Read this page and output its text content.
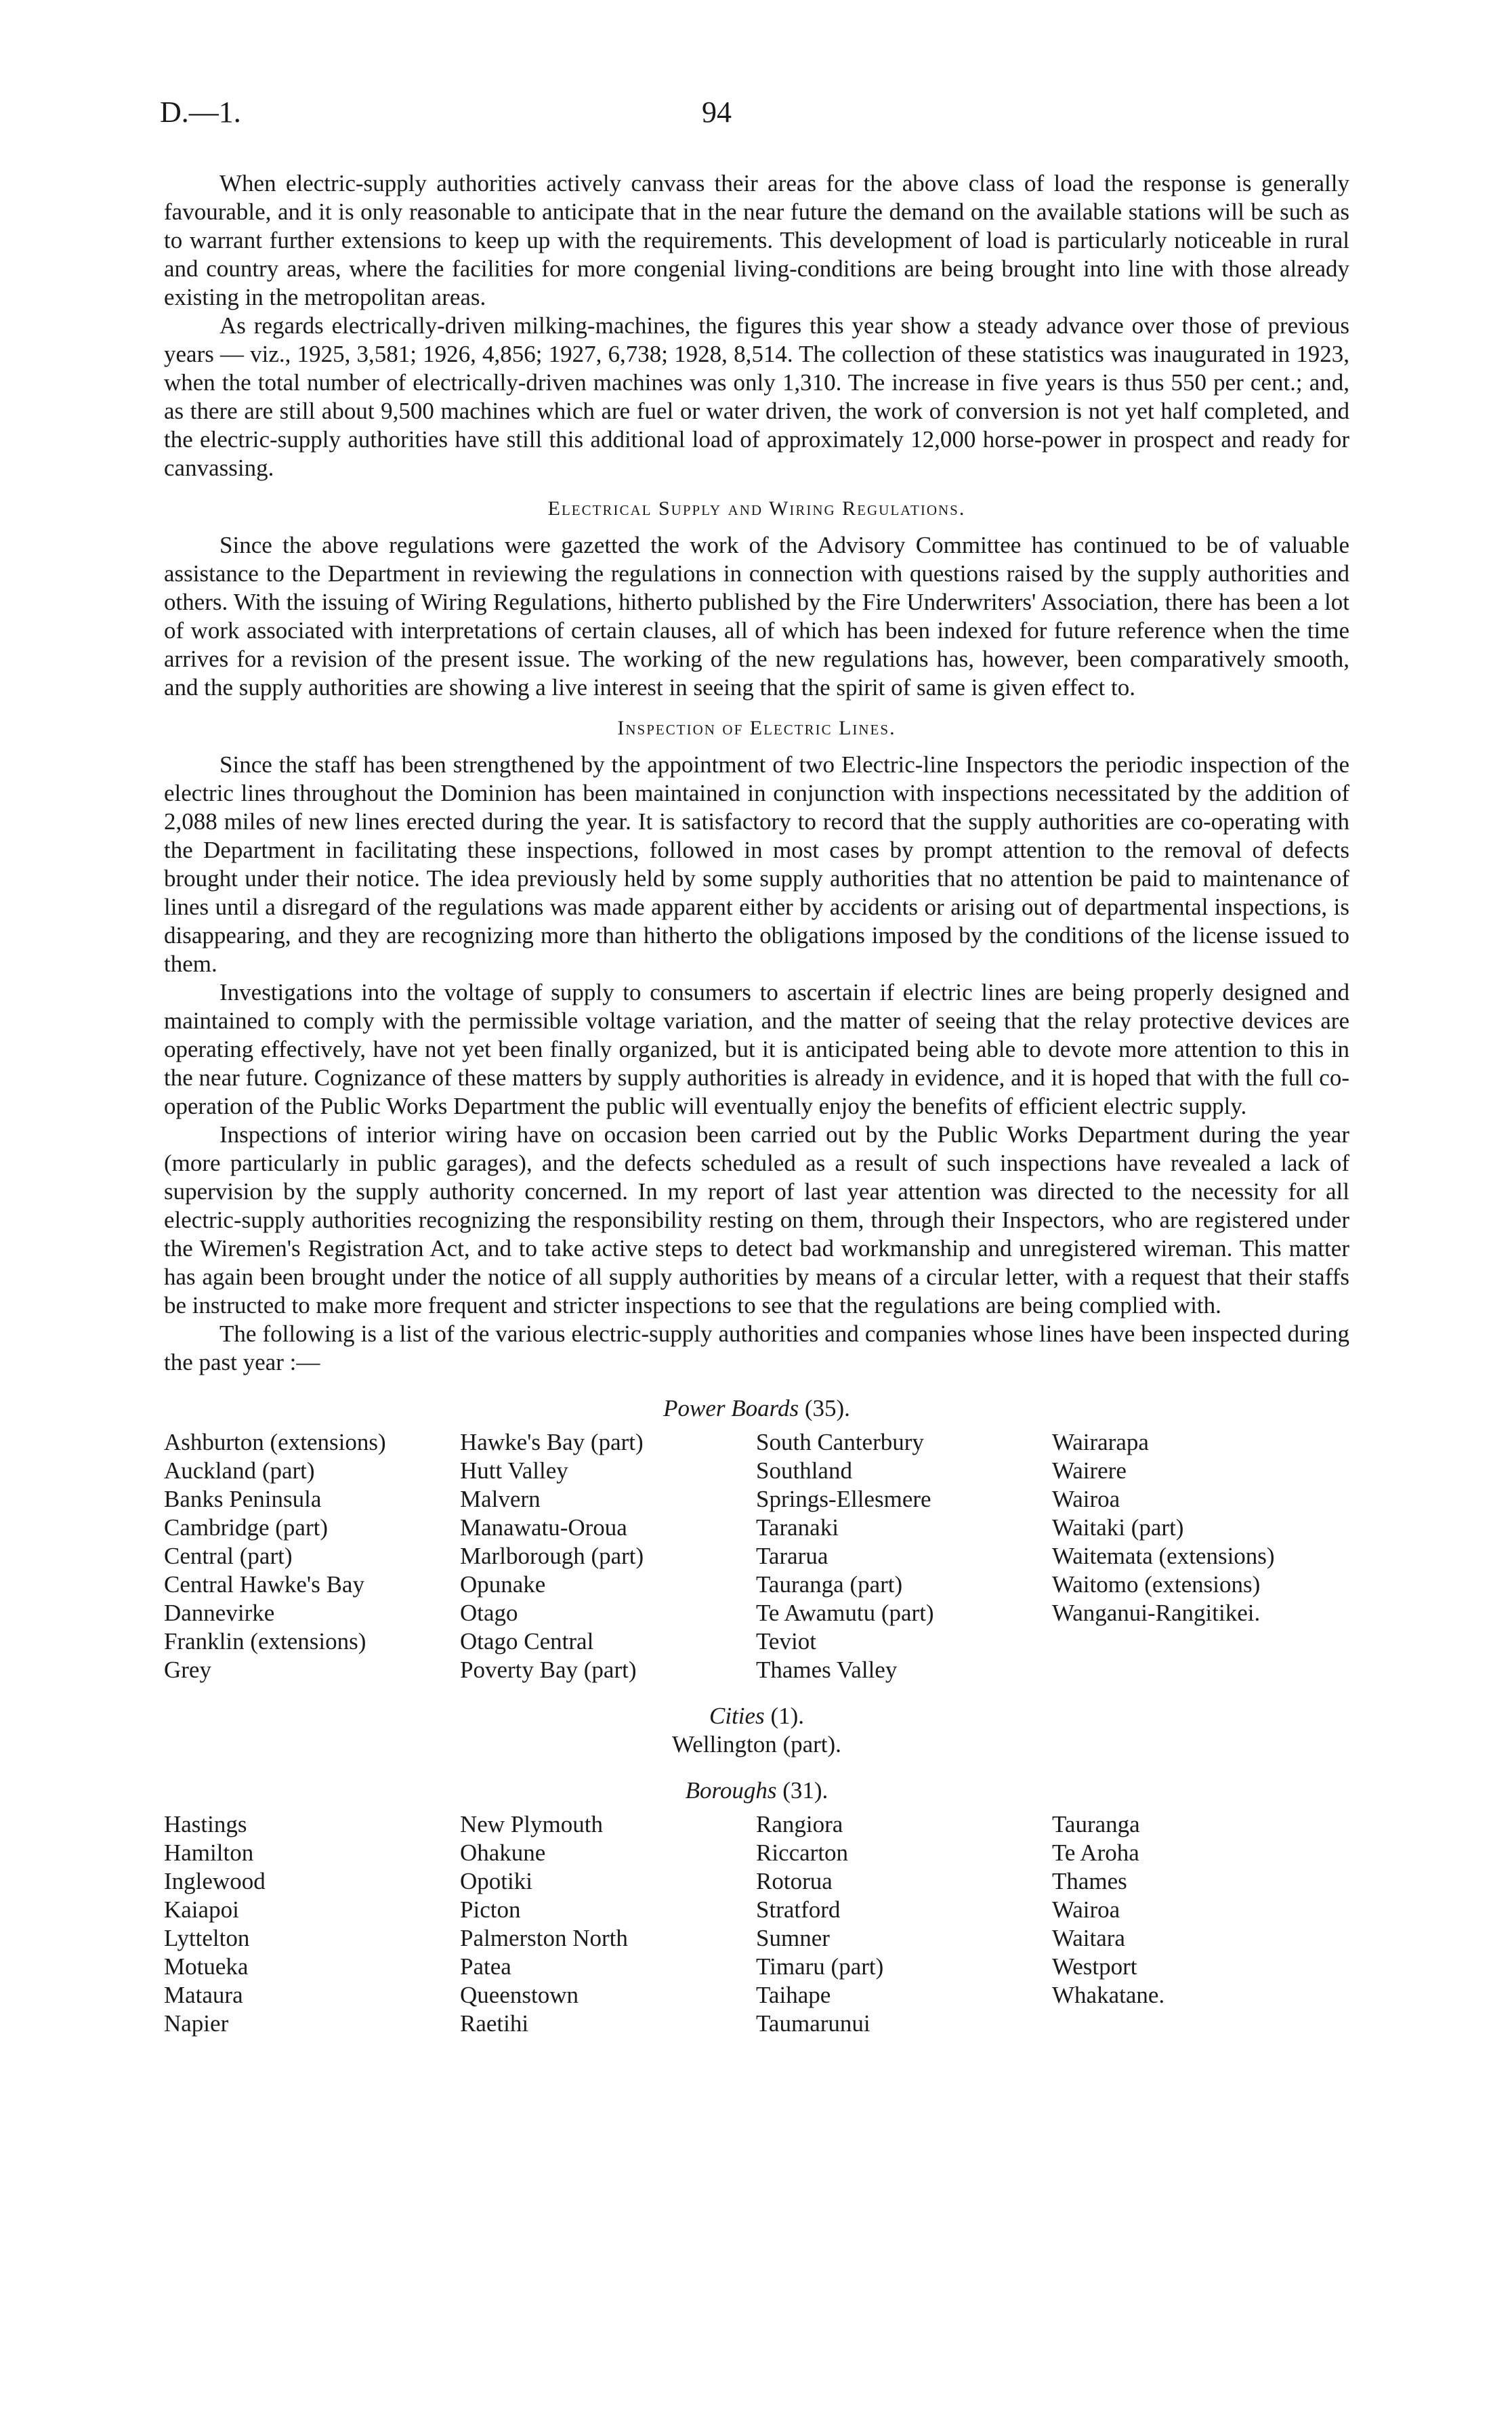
D.—1.	94

When electric-supply authorities actively canvass their areas for the above class of load the response is generally favourable, and it is only reasonable to anticipate that in the near future the demand on the available stations will be such as to warrant further extensions to keep up with the requirements. This development of load is particularly noticeable in rural and country areas, where the facilities for more congenial living-conditions are being brought into line with those already existing in the metropolitan areas.

As regards electrically-driven milking-machines, the figures this year show a steady advance over those of previous years — viz., 1925, 3,581; 1926, 4,856; 1927, 6,738; 1928, 8,514. The collection of these statistics was inaugurated in 1923, when the total number of electrically-driven machines was only 1,310. The increase in five years is thus 550 per cent.; and, as there are still about 9,500 machines which are fuel or water driven, the work of conversion is not yet half completed, and the electric-supply authorities have still this additional load of approximately 12,000 horse-power in prospect and ready for canvassing.

Electrical Supply and Wiring Regulations.

Since the above regulations were gazetted the work of the Advisory Committee has continued to be of valuable assistance to the Department in reviewing the regulations in connection with questions raised by the supply authorities and others. With the issuing of Wiring Regulations, hitherto published by the Fire Underwriters' Association, there has been a lot of work associated with interpretations of certain clauses, all of which has been indexed for future reference when the time arrives for a revision of the present issue. The working of the new regulations has, however, been comparatively smooth, and the supply authorities are showing a live interest in seeing that the spirit of same is given effect to.

Inspection of Electric Lines.

Since the staff has been strengthened by the appointment of two Electric-line Inspectors the periodic inspection of the electric lines throughout the Dominion has been maintained in conjunction with inspections necessitated by the addition of 2,088 miles of new lines erected during the year. It is satisfactory to record that the supply authorities are co-operating with the Department in facilitating these inspections, followed in most cases by prompt attention to the removal of defects brought under their notice. The idea previously held by some supply authorities that no attention be paid to maintenance of lines until a disregard of the regulations was made apparent either by accidents or arising out of departmental inspections, is disappearing, and they are recognizing more than hitherto the obligations imposed by the conditions of the license issued to them.

Investigations into the voltage of supply to consumers to ascertain if electric lines are being properly designed and maintained to comply with the permissible voltage variation, and the matter of seeing that the relay protective devices are operating effectively, have not yet been finally organized, but it is anticipated being able to devote more attention to this in the near future. Cognizance of these matters by supply authorities is already in evidence, and it is hoped that with the full co-operation of the Public Works Department the public will eventually enjoy the benefits of efficient electric supply.

Inspections of interior wiring have on occasion been carried out by the Public Works Department during the year (more particularly in public garages), and the defects scheduled as a result of such inspections have revealed a lack of supervision by the supply authority concerned. In my report of last year attention was directed to the necessity for all electric-supply authorities recognizing the responsibility resting on them, through their Inspectors, who are registered under the Wiremen's Registration Act, and to take active steps to detect bad workmanship and unregistered wireman. This matter has again been brought under the notice of all supply authorities by means of a circular letter, with a request that their staffs be instructed to make more frequent and stricter inspections to see that the regulations are being complied with.

The following is a list of the various electric-supply authorities and companies whose lines have been inspected during the past year :—

Power Boards (35).
Ashburton (extensions)
Auckland (part)
Banks Peninsula
Cambridge (part)
Central (part)
Central Hawke's Bay
Dannevirke
Franklin (extensions)
Grey
Hawke's Bay (part)
Hutt Valley
Malvern
Manawatu-Oroua
Marlborough (part)
Opunake
Otago
Otago Central
Poverty Bay (part)
South Canterbury
Southland
Springs-Ellesmere
Taranaki
Tararua
Tauranga (part)
Te Awamutu (part)
Teviot
Thames Valley
Wairarapa
Wairere
Wairoa
Waitaki (part)
Waitemata (extensions)
Waitomo (extensions)
Wanganui-Rangitikei.
Cities (1).
Wellington (part).
Boroughs (31).
Hastings
Hamilton
Inglewood
Kaiapoi
Lyttelton
Motueka
Mataura
Napier
New Plymouth
Ohakune
Opotiki
Picton
Palmerston North
Patea
Queenstown
Raetihi
Rangiora
Riccarton
Rotorua
Stratford
Sumner
Timaru (part)
Taihape
Taumarunui
Tauranga
Te Aroha
Thames
Wairoa
Waitara
Westport
Whakatane.
